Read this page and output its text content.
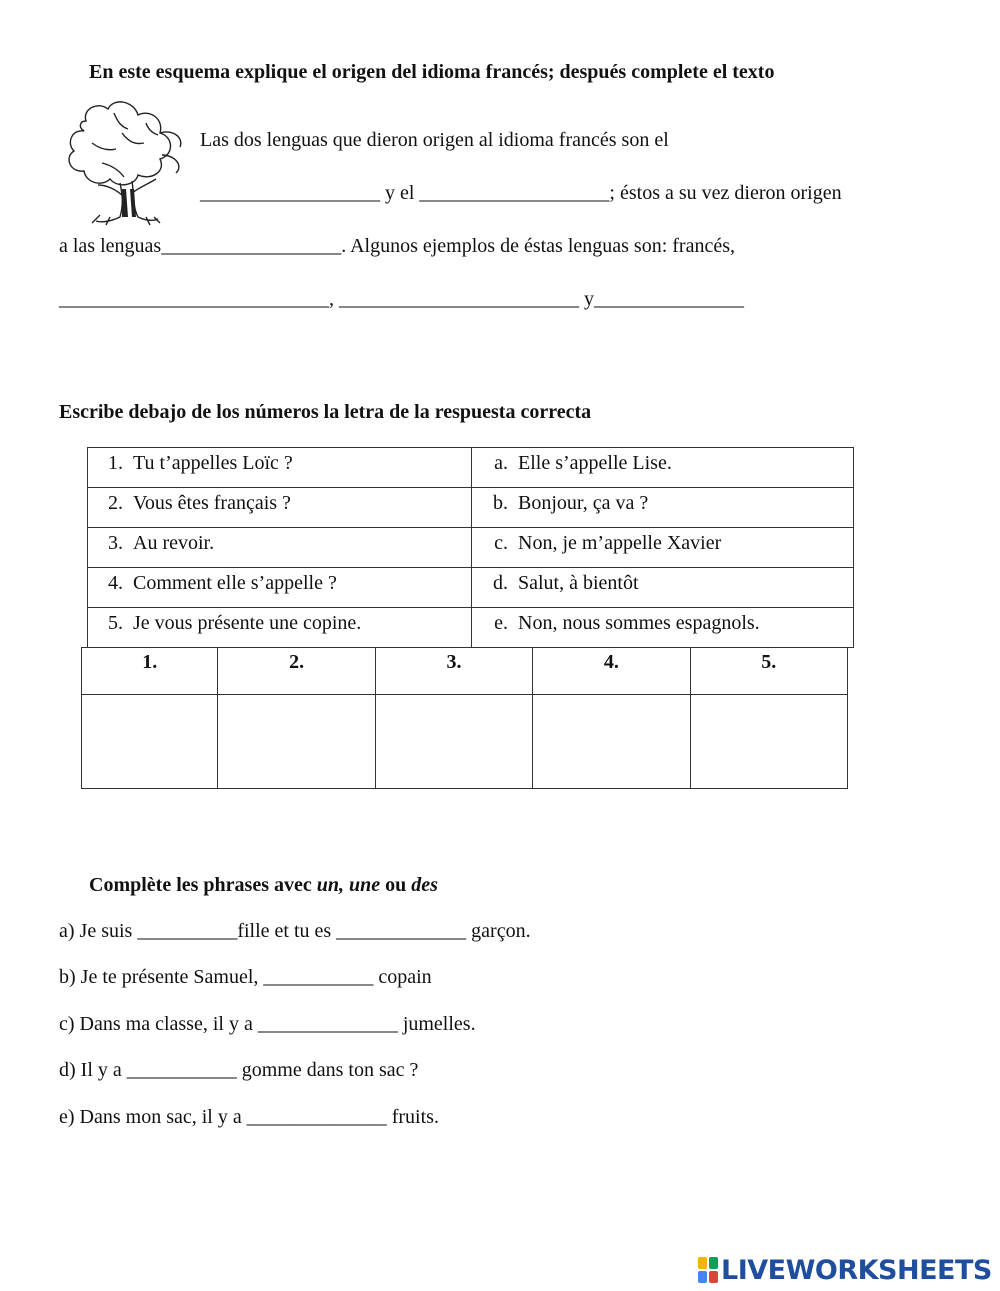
En este esquema explique el origen del idioma francés; después complete el texto
Las dos lenguas que dieron origen al idioma francés son el
__________________ y el ___________________; éstos a su vez dieron origen
a las lenguas__________________. Algunos ejemplos de éstas lenguas son: francés,
___________________________, ________________________ y_______________
Escribe debajo de los números la letra de la respuesta correcta
1. Tu t’appelles Loïc ?	a. Elle s’appelle Lise.

2. Vous êtes français ?	b. Bonjour, ça va ?

3. Au revoir.	c. Non, je m’appelle Xavier

4. Comment elle s’appelle ?	d. Salut, à bientôt

5. Je vous présente une copine.	e. Non, nous sommes espagnols.
1.	2.	3.	4.	5.

Complète les phrases avec un, une ou des
a) Je suis __________fille et tu es _____________ garçon.
b) Je te présente Samuel, ___________ copain
c) Dans ma classe, il y a ______________ jumelles.
d) Il y a ___________ gomme dans ton sac ?
e) Dans mon sac, il y a ______________ fruits.
LIVEWORKSHEETS
